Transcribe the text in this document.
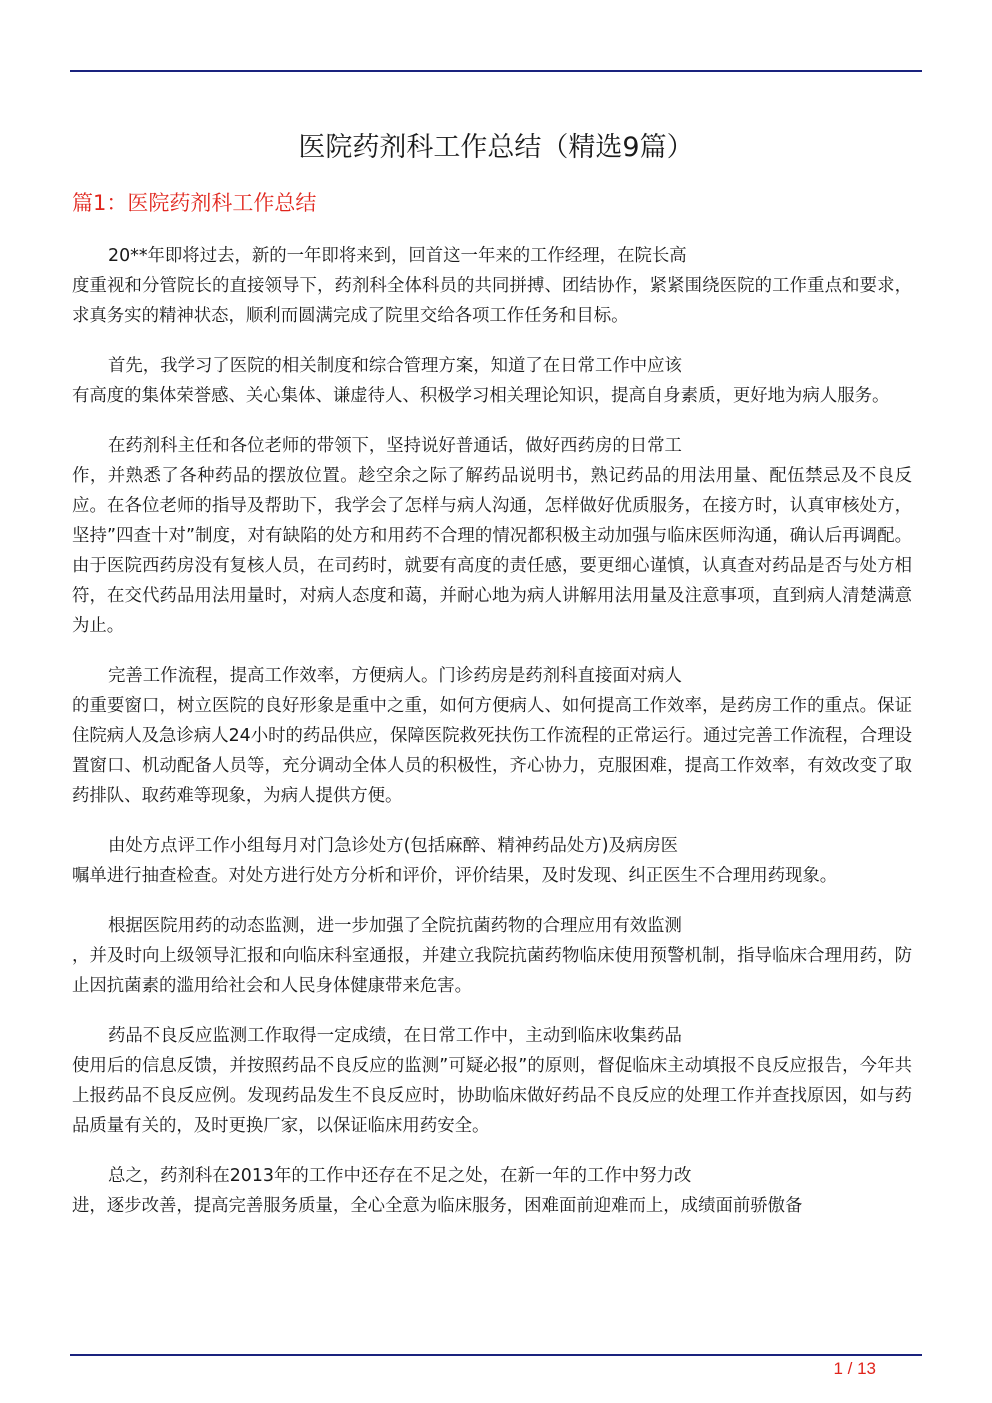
医院药剂科工作总结（精选9篇）
篇1：医院药剂科工作总结

20**年即将过去，新的一年即将来到，回首这一年来的工作经理，在院长高
度重视和分管院长的直接领导下，药剂科全体科员的共同拼搏、团结协作，紧紧围绕医院的工作重点和要求，求真务实的精神状态，顺利而圆满完成了院里交给各项工作任务和目标。

首先，我学习了医院的相关制度和综合管理方案，知道了在日常工作中应该
有高度的集体荣誉感、关心集体、谦虚待人、积极学习相关理论知识，提高自身素质，更好地为病人服务。

在药剂科主任和各位老师的带领下，坚持说好普通话，做好西药房的日常工
作，并熟悉了各种药品的摆放位置。趁空余之际了解药品说明书，熟记药品的用法用量、配伍禁忌及不良反应。在各位老师的指导及帮助下，我学会了怎样与病人沟通，怎样做好优质服务，在接方时，认真审核处方，坚持”四查十对”制度，对有缺陷的处方和用药不合理的情况都积极主动加强与临床医师沟通，确认后再调配。由于医院西药房没有复核人员，在司药时，就要有高度的责任感，要更细心谨慎，认真查对药品是否与处方相符，在交代药品用法用量时，对病人态度和蔼，并耐心地为病人讲解用法用量及注意事项，直到病人清楚满意为止。

完善工作流程，提高工作效率，方便病人。门诊药房是药剂科直接面对病人
的重要窗口，树立医院的良好形象是重中之重，如何方便病人、如何提高工作效率，是药房工作的重点。保证住院病人及急诊病人24小时的药品供应，保障医院救死扶伤工作流程的正常运行。通过完善工作流程，合理设置窗口、机动配备人员等，充分调动全体人员的积极性，齐心协力，克服困难，提高工作效率，有效改变了取药排队、取药难等现象，为病人提供方便。

由处方点评工作小组每月对门急诊处方(包括麻醉、精神药品处方)及病房医
嘱单进行抽查检查。对处方进行处方分析和评价，评价结果，及时发现、纠正医生不合理用药现象。

根据医院用药的动态监测，进一步加强了全院抗菌药物的合理应用有效监测
，并及时向上级领导汇报和向临床科室通报，并建立我院抗菌药物临床使用预警机制，指导临床合理用药，防止因抗菌素的滥用给社会和人民身体健康带来危害。

药品不良反应监测工作取得一定成绩，在日常工作中，主动到临床收集药品
使用后的信息反馈，并按照药品不良反应的监测”可疑必报”的原则，督促临床主动填报不良反应报告，今年共上报药品不良反应例。发现药品发生不良反应时，协助临床做好药品不良反应的处理工作并查找原因，如与药品质量有关的，及时更换厂家，以保证临床用药安全。

总之，药剂科在2013年的工作中还存在不足之处，在新一年的工作中努力改
进，逐步改善，提高完善服务质量，全心全意为临床服务，困难面前迎难而上，成绩面前骄傲备

1 / 13
